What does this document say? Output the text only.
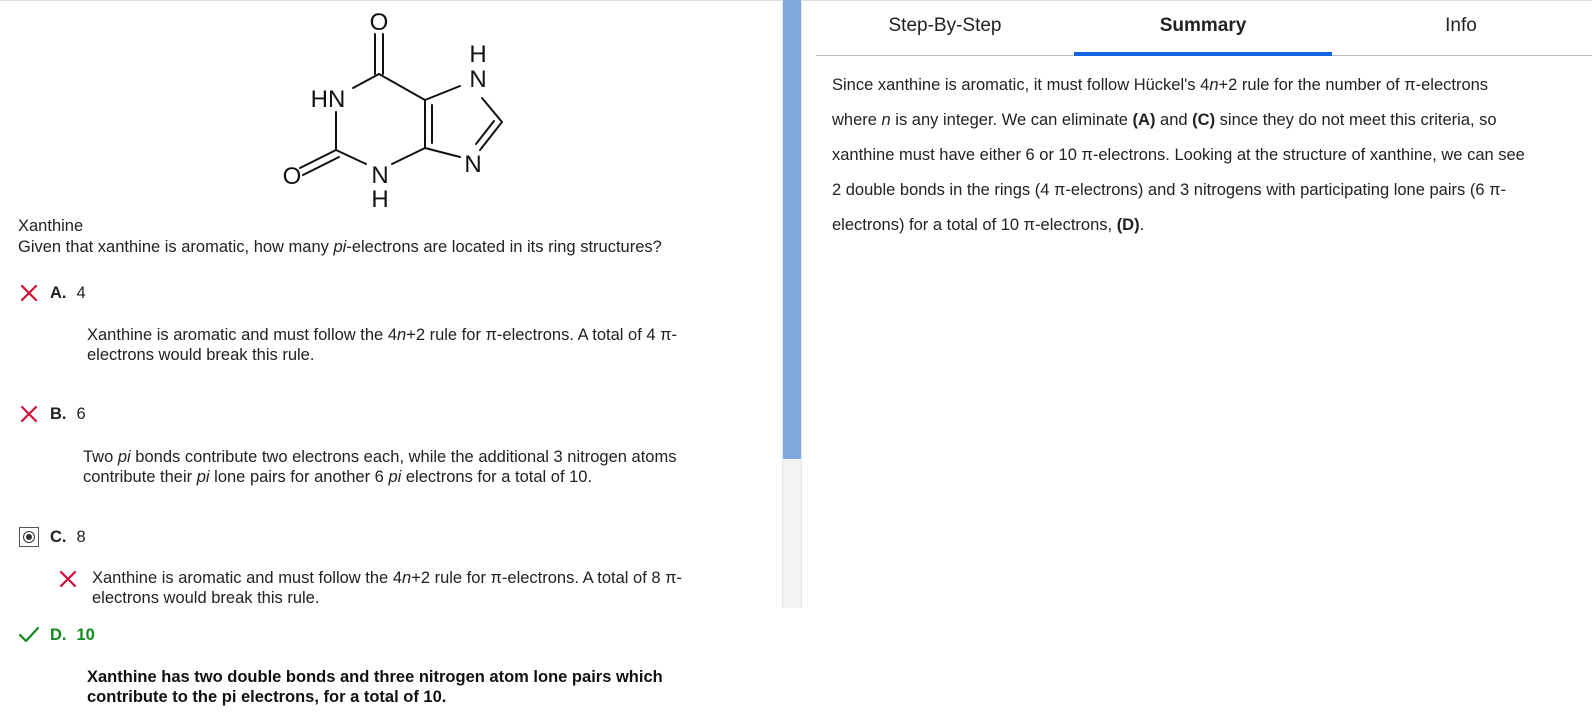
O
HN
O	N
H
H
N
N
Xanthine
Given that xanthine is aromatic, how many pi-electrons are located in its ring structures?
A. 4
Xanthine is aromatic and must follow the 4n+2 rule for π-electrons. A total of 4 π-
electrons would break this rule.
B. 6
Two pi bonds contribute two electrons each, while the additional 3 nitrogen atoms
contribute their pi lone pairs for another 6 pi electrons for a total of 10.
C. 8
Xanthine is aromatic and must follow the 4n+2 rule for π-electrons. A total of 8 π-
electrons would break this rule.
D. 10
Xanthine has two double bonds and three nitrogen atom lone pairs which
contribute to the pi electrons, for a total of 10.
Step-By-Step	Summary	Info
Since xanthine is aromatic, it must follow Hückel's 4n+2 rule for the number of π-electrons
where n is any integer. We can eliminate (A) and (C) since they do not meet this criteria, so
xanthine must have either 6 or 10 π-electrons. Looking at the structure of xanthine, we can see
2 double bonds in the rings (4 π-electrons) and 3 nitrogens with participating lone pairs (6 π-
electrons) for a total of 10 π-electrons, (D).
